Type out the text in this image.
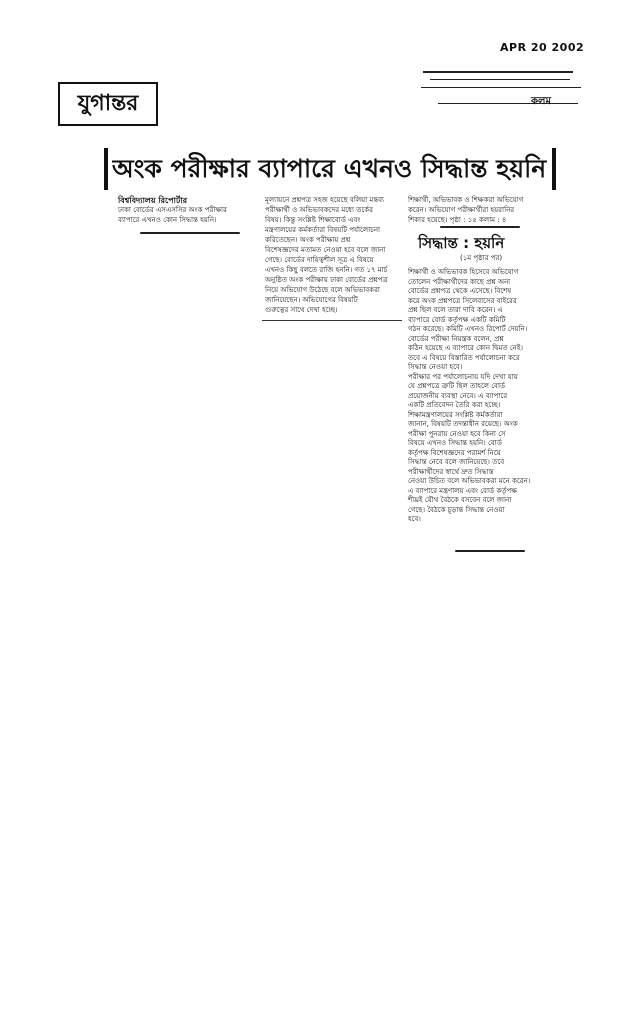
APR 20 2002
যুগান্তর	কলম
অংক পরীক্ষার ব্যাপারে এখনও সিদ্ধান্ত হয়নি
বিশ্ববিদ্যালয় রিপোর্টার
ঢাকা বোর্ডের এসএসসির অংক পরীক্ষার
ব্যাপারে এখনও কোন সিদ্ধান্ত হয়নি।
মূল্যায়নে প্রশ্নপত্র সহজ হয়েছে বলিয়া মন্তব্য
পরীক্ষার্থী ও অভিভাবকদের মধ্যে তর্কের
বিষয়। কিন্তু সংশ্লিষ্ট শিক্ষাবোর্ড এবং
মন্ত্রণালয়ের কর্মকর্তারা বিষয়টি পর্যালোচনা
করিতেছেন। অংক পরীক্ষায় প্রশ্ন
বিশেষজ্ঞদের মতামত নেওয়া হবে বলে জানা
গেছে। বোর্ডের দায়িত্বশীল সূত্র এ বিষয়ে
এখনও কিছু বলতে রাজি হননি। গত ১৭ মার্চ
অনুষ্ঠিত অংক পরীক্ষায় ঢাকা বোর্ডের প্রশ্নপত্র
নিয়ে অভিযোগ উঠেছে বলে অভিভাবকরা
জানিয়েছেন। অভিযোগের বিষয়টি
গুরুত্বের সাথে দেখা হচ্ছে।
শিক্ষার্থী, অভিভাবক ও শিক্ষকরা অভিযোগ
করেন। অভিযোগ পরীক্ষার্থীরা হয়রানির
শিকার হয়েছে। পৃষ্ঠা : ১৫ কলাম : ৪
সিদ্ধান্ত : হয়নি
(১ম পৃষ্ঠার পর)
শিক্ষার্থী ও অভিভাবক হিসেবে অভিযোগ
তোলেন পরীক্ষার্থীদের কাছে প্রশ্ন অন্য
বোর্ডের প্রশ্নপত্র থেকে এসেছে। বিশেষ
করে অংক প্রশ্নপত্রে সিলেবাসের বাইরের
প্রশ্ন ছিল বলে তারা দাবি করেন। এ
ব্যাপারে বোর্ড কর্তৃপক্ষ একটি কমিটি
গঠন করেছে। কমিটি এখনও রিপোর্ট দেয়নি।
বোর্ডের পরীক্ষা নিয়ন্ত্রক বলেন, প্রশ্ন
কঠিন হয়েছে এ ব্যাপারে কোন দ্বিমত নেই।
তবে এ বিষয়ে বিস্তারিত পর্যালোচনা করে
সিদ্ধান্ত নেওয়া হবে।
পরীক্ষার পর পর্যালোচনায় যদি দেখা যায়
যে প্রশ্নপত্রে ত্রুটি ছিল তাহলে বোর্ড
প্রয়োজনীয় ব্যবস্থা নেবে। এ ব্যাপারে
একটি প্রতিবেদন তৈরি করা হচ্ছে।
শিক্ষামন্ত্রণালয়ের সংশ্লিষ্ট কর্মকর্তারা
জানান, বিষয়টি তদন্তাধীন রয়েছে। অংক
পরীক্ষা পুনরায় নেওয়া হবে কিনা সে
বিষয়ে এখনও সিদ্ধান্ত হয়নি। বোর্ড
কর্তৃপক্ষ বিশেষজ্ঞদের পরামর্শ নিয়ে
সিদ্ধান্ত নেবে বলে জানিয়েছে। তবে
পরীক্ষার্থীদের স্বার্থে দ্রুত সিদ্ধান্ত
নেওয়া উচিত বলে অভিভাবকরা মনে করেন।
এ ব্যাপারে মন্ত্রণালয় এবং বোর্ড কর্তৃপক্ষ
শীঘ্রই যৌথ বৈঠকে বসবেন বলে জানা
গেছে। বৈঠকে চূড়ান্ত সিদ্ধান্ত নেওয়া
হবে।
